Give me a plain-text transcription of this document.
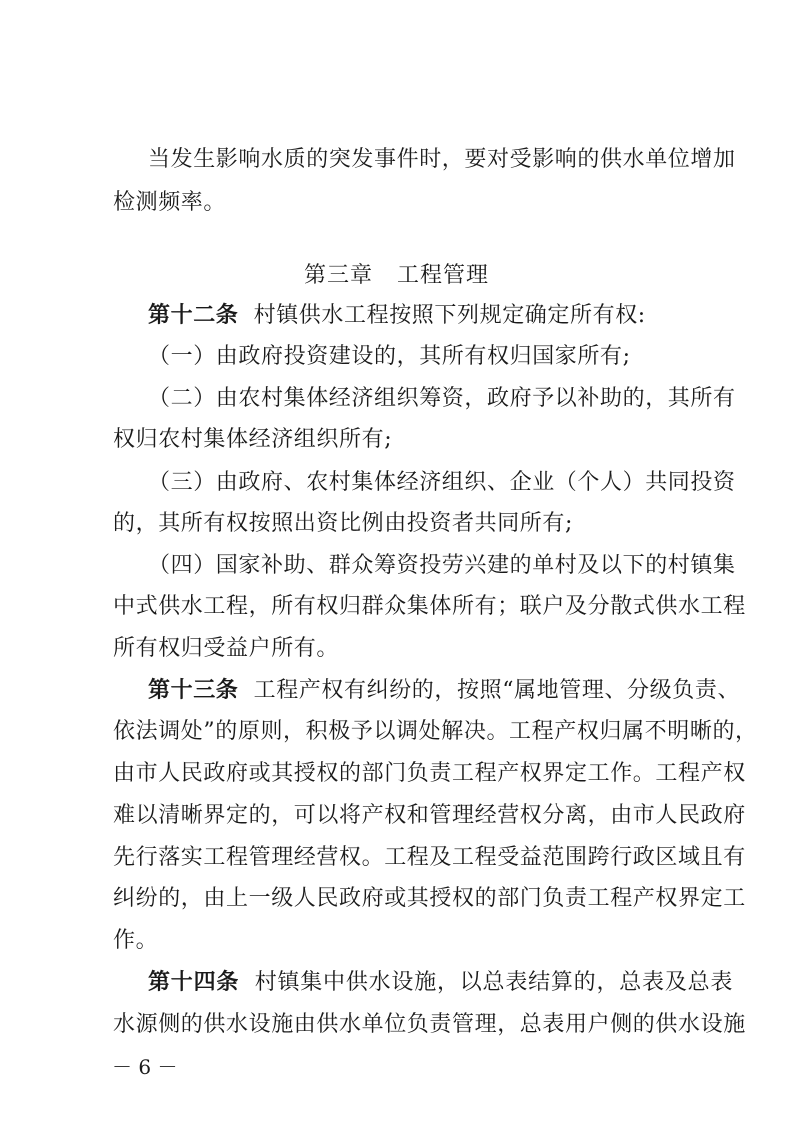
当发生影响水质的突发事件时，要对受影响的供水单位增加
检测频率。
第三章 工程管理
第十二条 村镇供水工程按照下列规定确定所有权:
（一）由政府投资建设的，其所有权归国家所有;
（二）由农村集体经济组织筹资，政府予以补助的，其所有
权归农村集体经济组织所有;
（三）由政府、农村集体经济组织、企业（个人）共同投资
的，其所有权按照出资比例由投资者共同所有;
（四）国家补助、群众筹资投劳兴建的单村及以下的村镇集
中式供水工程，所有权归群众集体所有；联户及分散式供水工程
所有权归受益户所有。
第十三条 工程产权有纠纷的，按照“属地管理、分级负责、
依法调处”的原则，积极予以调处解决。工程产权归属不明晰的，
由市人民政府或其授权的部门负责工程产权界定工作。工程产权
难以清晰界定的，可以将产权和管理经营权分离，由市人民政府
先行落实工程管理经营权。工程及工程受益范围跨行政区域且有
纠纷的，由上一级人民政府或其授权的部门负责工程产权界定工
作。
第十四条 村镇集中供水设施，以总表结算的，总表及总表
水源侧的供水设施由供水单位负责管理，总表用户侧的供水设施
－ 6 －
